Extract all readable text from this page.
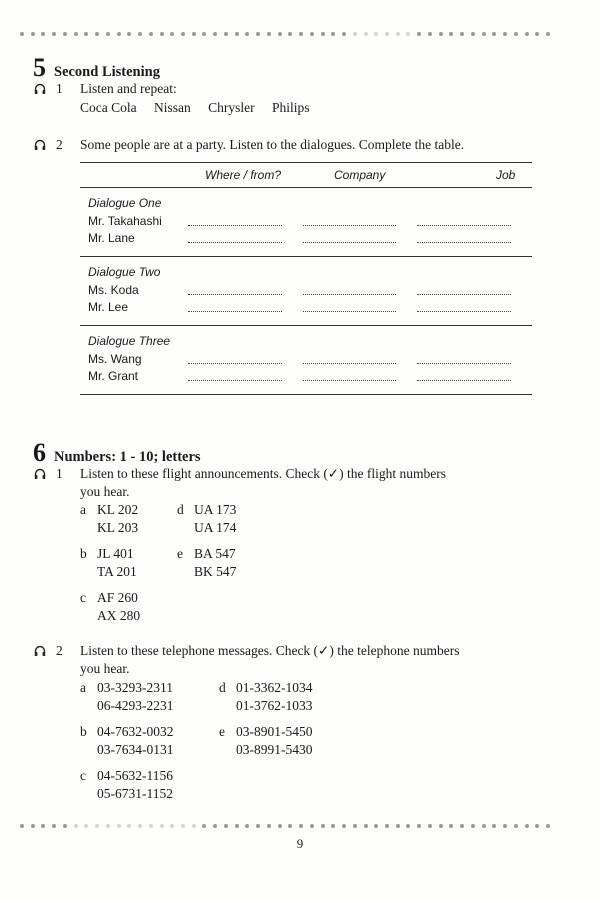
5 Second Listening
1 Listen and repeat:
Coca Cola Nissan Chrysler Philips
2 Some people are at a party. Listen to the dialogues. Complete the table.
Where / from?	Company	Job
Dialogue One
Mr. Takahashi
Mr. Lane
Dialogue Two
Ms. Koda
Mr. Lee
Dialogue Three
Ms. Wang
Mr. Grant
6 Numbers: 1 - 10; letters
1 Listen to these flight announcements. Check (✓) the flight numbers
you hear.
a KL 202
KL 203
b JL 401
TA 201
c AF 260
AX 280
d UA 173
UA 174
e BA 547
BK 547
2 Listen to these telephone messages. Check (✓) the telephone numbers
you hear.
a 03-3293-2311
06-4293-2231
b 04-7632-0032
03-7634-0131
c 04-5632-1156
05-6731-1152
d 01-3362-1034
01-3762-1033
e 03-8901-5450
03-8991-5430
9
